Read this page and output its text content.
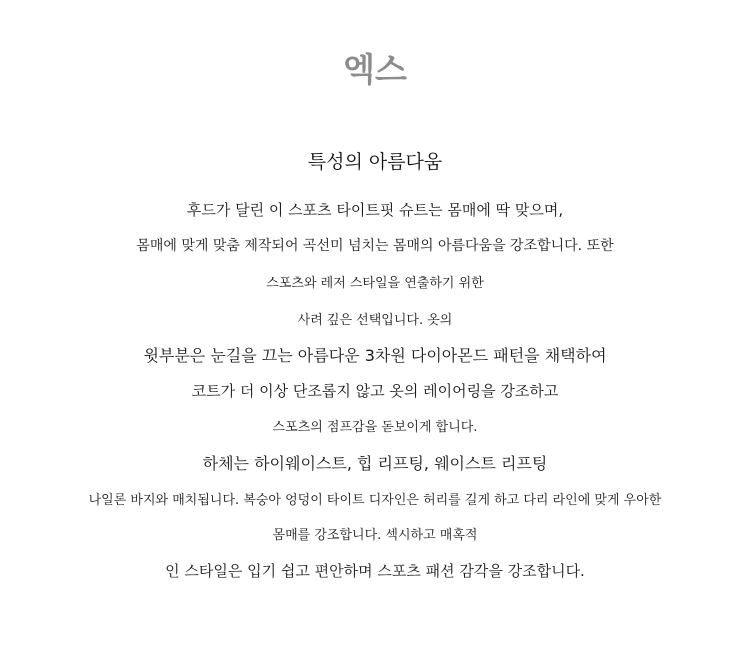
엑스
특성의 아름다움
후드가 달린 이 스포츠 타이트핏 슈트는 몸매에 딱 맞으며,
몸매에 맞게 맞춤 제작되어 곡선미 넘치는 몸매의 아름다움을 강조합니다. 또한
스포츠와 레저 스타일을 연출하기 위한
사려 깊은 선택입니다. 옷의
윗부분은 눈길을 끄는 아름다운 3차원 다이아몬드 패턴을 채택하여
코트가 더 이상 단조롭지 않고 옷의 레이어링을 강조하고
스포츠의 점프감을 돋보이게 합니다.
하체는 하이웨이스트, 힙 리프팅, 웨이스트 리프팅
나일론 바지와 매치됩니다. 복숭아 엉덩이 타이트 디자인은 허리를 길게 하고 다리 라인에 맞게 우아한
몸매를 강조합니다. 섹시하고 매혹적
인 스타일은 입기 쉽고 편안하며 스포츠 패션 감각을 강조합니다.
